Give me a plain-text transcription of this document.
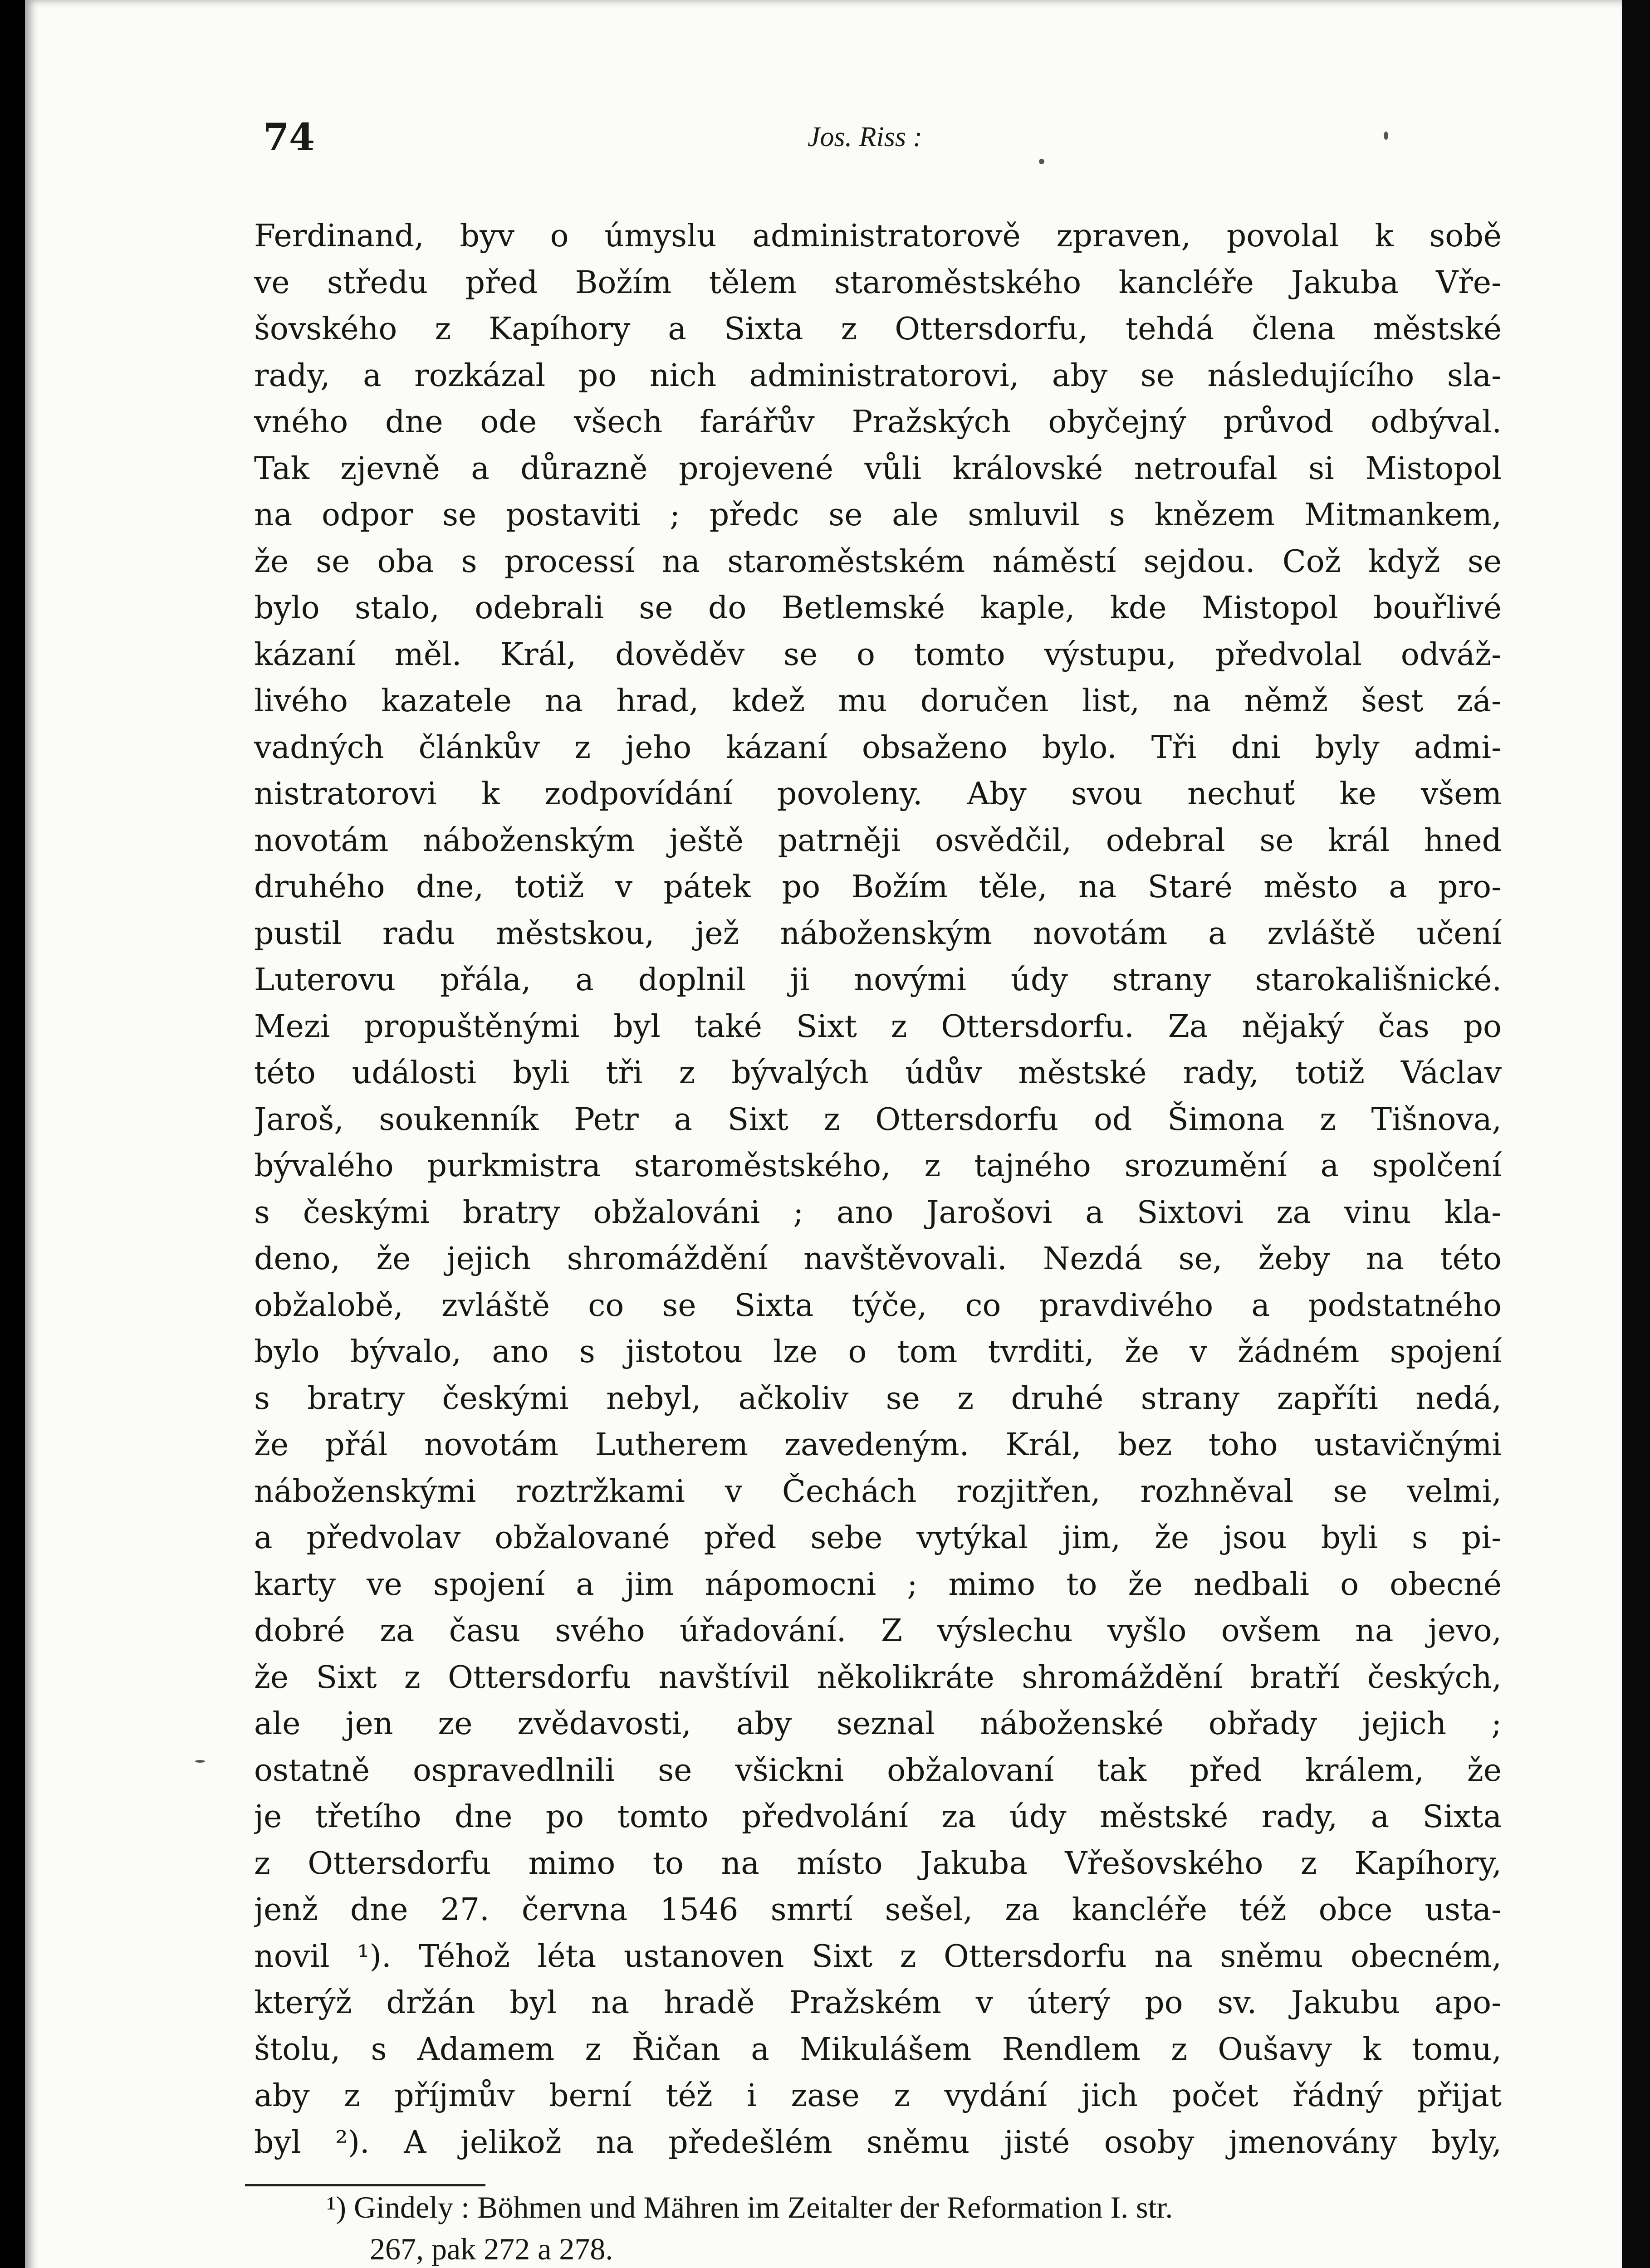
74	Jos. Riss :
Ferdinand, byv o úmyslu administratorově zpraven, povolal k sobě
ve středu před Božím tělem staroměstského kancléře Jakuba Vře-
šovského z Kapíhory a Sixta z Ottersdorfu, tehdá člena městské
rady, a rozkázal po nich administratorovi, aby se následujícího sla-
vného dne ode všech farářův Pražských obyčejný průvod odbýval.
Tak zjevně a důrazně projevené vůli královské netroufal si Mistopol
na odpor se postaviti ; předc se ale smluvil s knězem Mitmankem,
že se oba s processí na staroměstském náměstí sejdou. Což když se
bylo stalo, odebrali se do Betlemské kaple, kde Mistopol bouřlivé
kázaní měl. Král, dověděv se o tomto výstupu, předvolal odváž-
livého kazatele na hrad, kdež mu doručen list, na němž šest zá-
vadných článkův z jeho kázaní obsaženo bylo. Tři dni byly admi-
nistratorovi k zodpovídání povoleny. Aby svou nechuť ke všem
novotám náboženským ještě patrněji osvědčil, odebral se král hned
druhého dne, totiž v pátek po Božím těle, na Staré město a pro-
pustil radu městskou, jež náboženským novotám a zvláště učení
Luterovu přála, a doplnil ji novými údy strany starokališnické.
Mezi propuštěnými byl také Sixt z Ottersdorfu. Za nějaký čas po
této události byli tři z bývalých údův městské rady, totiž Václav
Jaroš, soukenník Petr a Sixt z Ottersdorfu od Šimona z Tišnova,
bývalého purkmistra staroměstského, z tajného srozumění a spolčení
s českými bratry obžalováni ; ano Jarošovi a Sixtovi za vinu kla-
deno, že jejich shromáždění navštěvovali. Nezdá se, žeby na této
obžalobě, zvláště co se Sixta týče, co pravdivého a podstatného
bylo bývalo, ano s jistotou lze o tom tvrditi, že v žádném spojení
s bratry českými nebyl, ačkoliv se z druhé strany zapříti nedá,
že přál novotám Lutherem zavedeným. Král, bez toho ustavičnými
náboženskými roztržkami v Čechách rozjitřen, rozhněval se velmi,
a předvolav obžalované před sebe vytýkal jim, že jsou byli s pi-
karty ve spojení a jim nápomocni ; mimo to že nedbali o obecné
dobré za času svého úřadování. Z výslechu vyšlo ovšem na jevo,
že Sixt z Ottersdorfu navštívil několikráte shromáždění bratří českých,
ale jen ze zvědavosti, aby seznal náboženské obřady jejich ;
ostatně ospravedlnili se všickni obžalovaní tak před králem, že
je třetího dne po tomto předvolání za údy městské rady, a Sixta
z Ottersdorfu mimo to na místo Jakuba Vřešovského z Kapíhory,
jenž dne 27. června 1546 smrtí sešel, za kancléře též obce usta-
novil ¹). Téhož léta ustanoven Sixt z Ottersdorfu na sněmu obecném,
kterýž držán byl na hradě Pražském v úterý po sv. Jakubu apo-
štolu, s Adamem z Řičan a Mikulášem Rendlem z Oušavy k tomu,
aby z příjmův berní též i zase z vydání jich počet řádný přijat
byl ²). A jelikož na předešlém sněmu jisté osoby jmenovány byly,
¹) Gindely : Böhmen und Mähren im Zeitalter der Reformation I. str.
267, pak 272 a 278.
